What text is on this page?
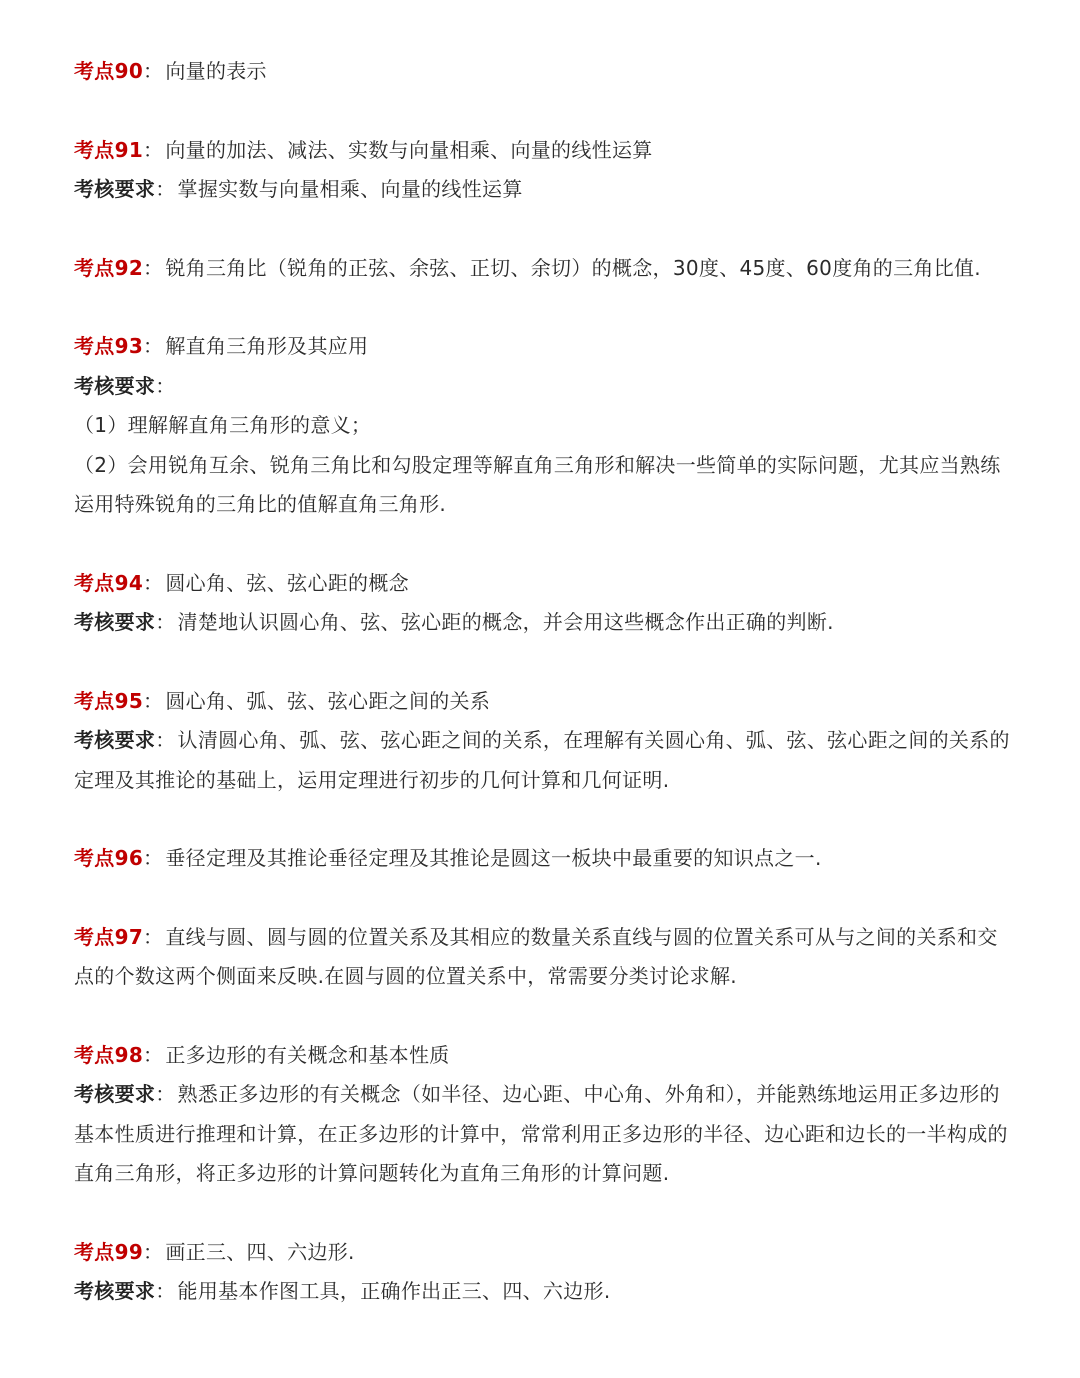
考点90： 向量的表示
考点91： 向量的加法、减法、实数与向量相乘、向量的线性运算
考核要求： 掌握实数与向量相乘、向量的线性运算
考点92： 锐角三角比（锐角的正弦、余弦、正切、余切）的概念，30度、45度、60度角的三角比值.
考点93： 解直角三角形及其应用
考核要求：
（1）理解解直角三角形的意义；
（2）会用锐角互余、锐角三角比和勾股定理等解直角三角形和解决一些简单的实际问题，尤其应当熟练运用特殊锐角的三角比的值解直角三角形.
考点94： 圆心角、弦、弦心距的概念
考核要求： 清楚地认识圆心角、弦、弦心距的概念，并会用这些概念作出正确的判断.
考点95： 圆心角、弧、弦、弦心距之间的关系
考核要求： 认清圆心角、弧、弦、弦心距之间的关系，在理解有关圆心角、弧、弦、弦心距之间的关系的定理及其推论的基础上，运用定理进行初步的几何计算和几何证明.
考点96： 垂径定理及其推论垂径定理及其推论是圆这一板块中最重要的知识点之一.
考点97： 直线与圆、圆与圆的位置关系及其相应的数量关系直线与圆的位置关系可从与之间的关系和交点的个数这两个侧面来反映.在圆与圆的位置关系中，常需要分类讨论求解.
考点98： 正多边形的有关概念和基本性质
考核要求： 熟悉正多边形的有关概念（如半径、边心距、中心角、外角和），并能熟练地运用正多边形的基本性质进行推理和计算，在正多边形的计算中，常常利用正多边形的半径、边心距和边长的一半构成的直角三角形，将正多边形的计算问题转化为直角三角形的计算问题.
考点99： 画正三、四、六边形.
考核要求： 能用基本作图工具，正确作出正三、四、六边形.
